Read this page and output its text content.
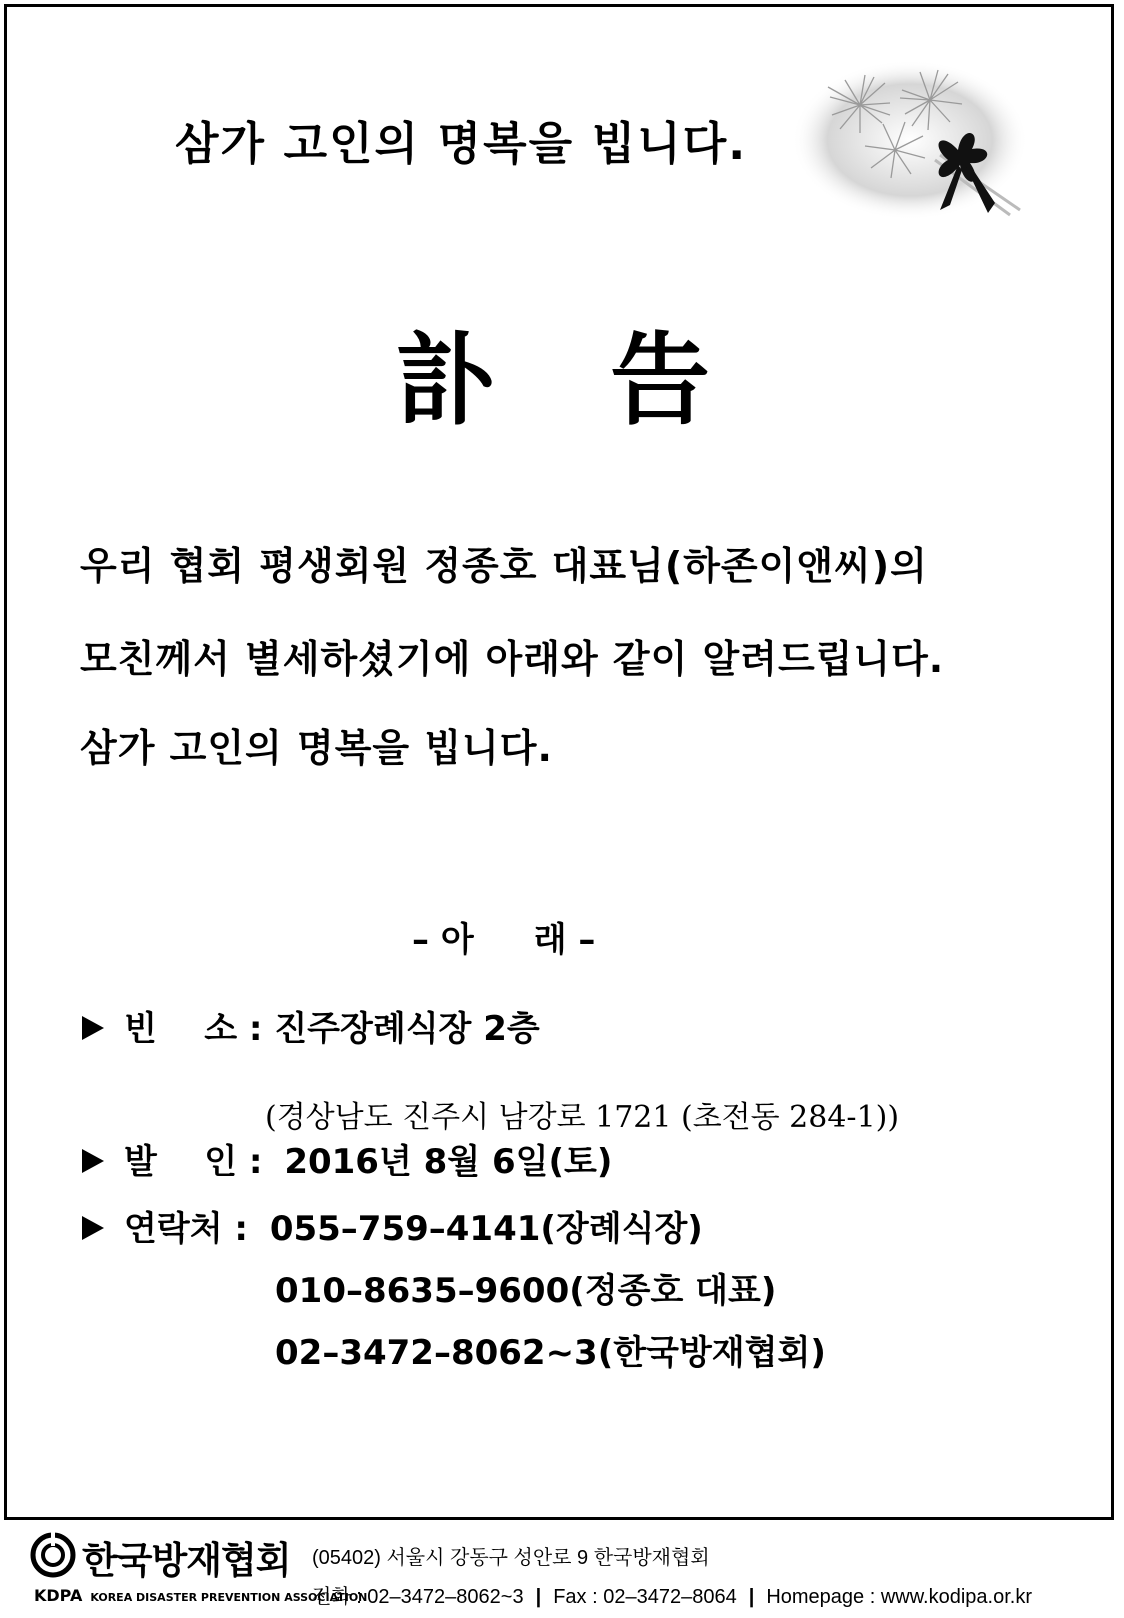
삼가 고인의 명복을 빕니다.
訃 告
우리 협회 평생회원 정종호 대표님(하존이앤씨)의
모친께서 별세하셨기에 아래와 같이 알려드립니다.
삼가 고인의 명복을 빕니다.
– 아 래 –
빈    소 : 진주장례식장 2층
(경상남도 진주시 남강로 1721 (초전동 284-1))
발    인 : 2016년 8월 6일(토)
연락처 : 055–759–4141(장례식장)
010–8635–9600(정종호 대표)
02–3472–8062~3(한국방재협회)
한국방재협회
KDPA KOREA DISASTER PREVENTION ASSOCIATION
(05402) 서울시 강동구 성안로 9 한국방재협회
전화 : 02–3472–8062~3 | Fax : 02–3472–8064 | Homepage : www.kodipa.or.kr
